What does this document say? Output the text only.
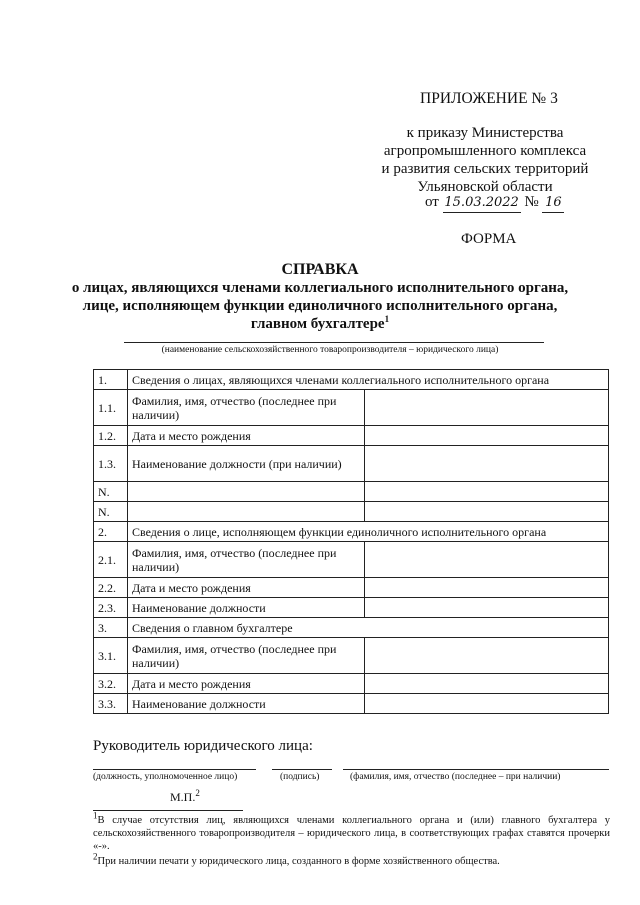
ПРИЛОЖЕНИЕ № 3
к приказу Министерства
агропромышленного комплекса
и развития сельских территорий
Ульяновской области
от 15.03.2022 № 16
ФОРМА
СПРАВКА
о лицах, являющихся членами коллегиального исполнительного органа,
лице, исполняющем функции единоличного исполнительного органа,
главном бухгалтере$^1$
(наименование сельскохозяйственного товаропроизводителя – юридического лица)
1.	Сведения о лицах, являющихся членами коллегиального исполнительного органа	
1.1.	Фамилия, имя, отчество (последнее при наличии)	
1.2.	Дата и место рождения	
1.3.	Наименование должности (при наличии)	
N.		
N.		
2.	Сведения о лице, исполняющем функции единоличного исполнительного органа	
2.1.	Фамилия, имя, отчество (последнее при наличии)	
2.2.	Дата и место рождения	
2.3.	Наименование должности	
3.	Сведения о главном бухгалтере	
3.1.	Фамилия, имя, отчество (последнее при наличии)	
3.2.	Дата и место рождения	
3.3.	Наименование должности	
Руководитель юридического лица:
(должность, уполномоченное лицо)	(подпись)	(фамилия, имя, отчество (последнее – при наличии)
М.П.$^2$
$^1$В случае отсутствия лиц, являющихся членами коллегиального органа и (или) главного бухгалтера у сельскохозяйственного товаропроизводителя – юридического лица, в соответствующих графах ставятся прочерки «-».
$^2$При наличии печати у юридического лица, созданного в форме хозяйственного общества.
